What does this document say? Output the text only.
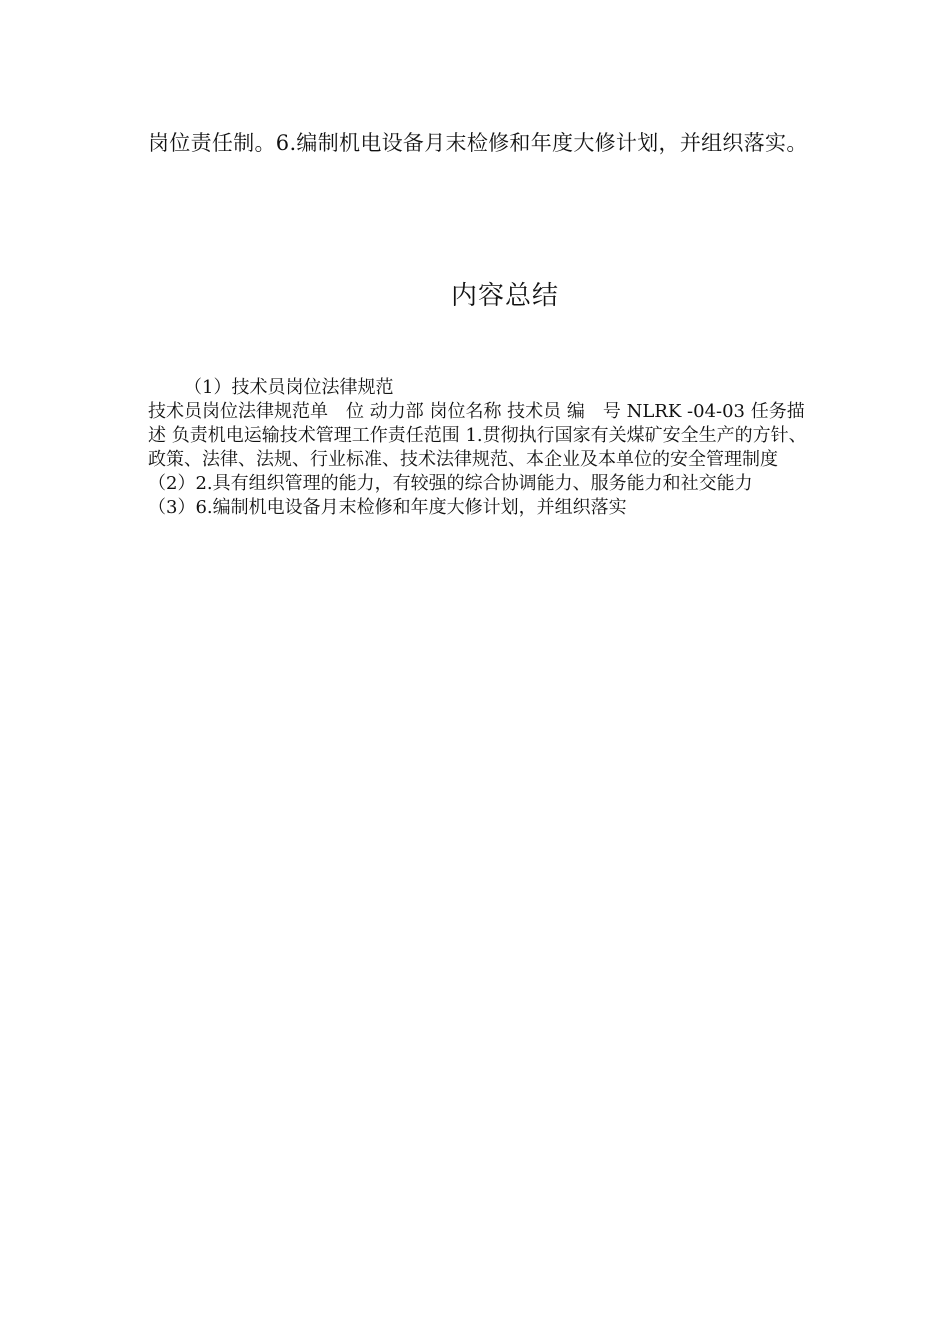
岗位责任制。6.编制机电设备月末检修和年度大修计划，并组织落实。

内容总结

（1）技术员岗位法律规范

技术员岗位法律规范单　位 动力部 岗位名称 技术员 编　号 NLRK -04-03 任务描述 负责机电运输技术管理工作责任范围 1.贯彻执行国家有关煤矿安全生产的方针、政策、法律、法规、行业标准、技术法律规范、本企业及本单位的安全管理制度

（2）2.具有组织管理的能力，有较强的综合协调能力、服务能力和社交能力

（3）6.编制机电设备月末检修和年度大修计划，并组织落实
